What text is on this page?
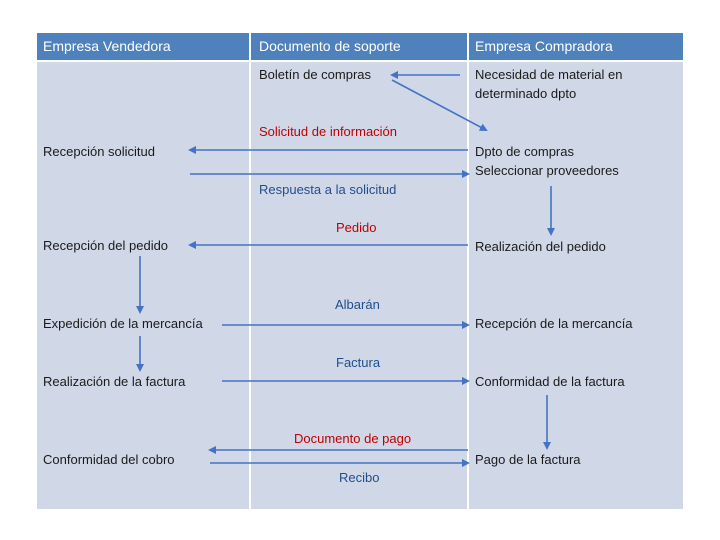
Empresa Vendedora	Documento de soporte	Empresa Compradora
Recepción solicitud
Recepción del pedido
Expedición de la mercancía
Realización de la factura
Conformidad del cobro
Boletín de compras
Solicitud de información
Respuesta a la solicitud
Pedido
Albarán
Factura
Documento de pago
Recibo
Necesidad de material en
determinado dpto
Dpto de compras
Seleccionar proveedores
Realización del pedido
Recepción de la mercancía
Conformidad de la factura
Pago de la factura
